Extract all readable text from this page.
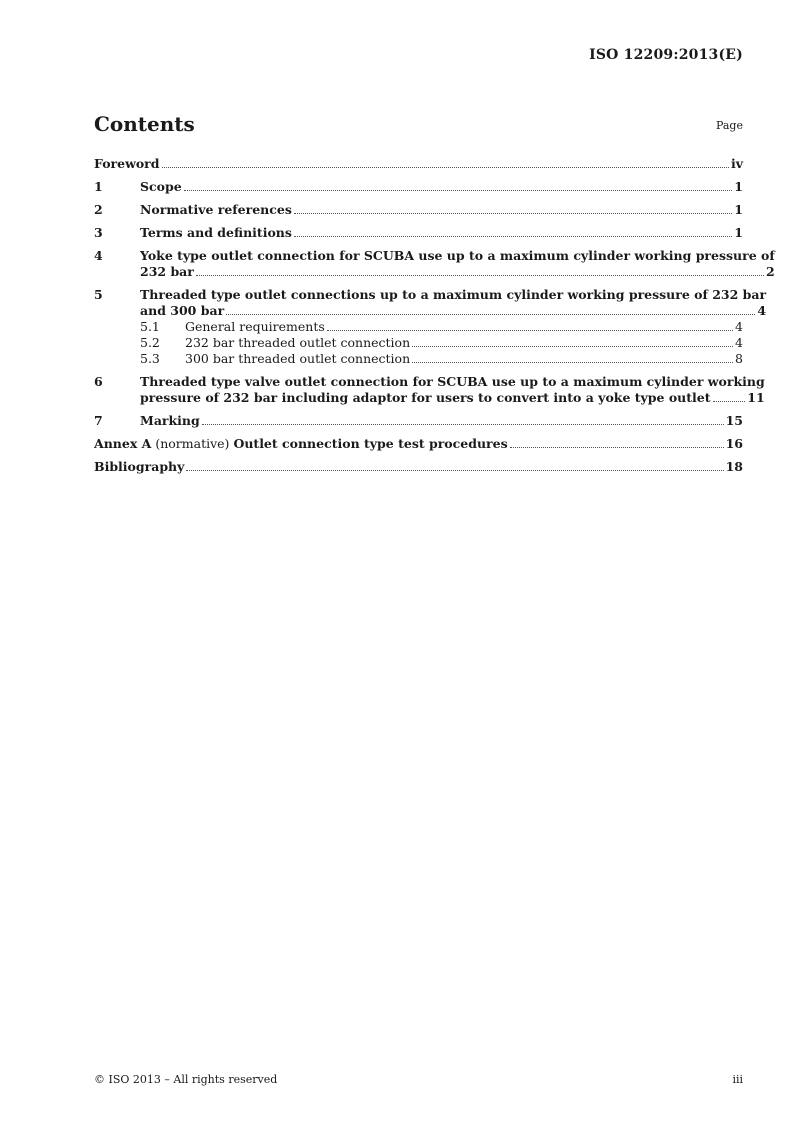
ISO 12209:2013(E)
Contents	Page
Foreword	iv
1	Scope	1
2	Normative references	1
3	Terms and definitions	1
4	Yoke type outlet connection for SCUBA use up to a maximum cylinder working pressure of
232 bar	2
5	Threaded type outlet connections up to a maximum cylinder working pressure of 232 bar
and 300 bar	4
5.1	General requirements	4
5.2	232 bar threaded outlet connection	4
5.3	300 bar threaded outlet connection	8
6	Threaded type valve outlet connection for SCUBA use up to a maximum cylinder working
pressure of 232 bar including adaptor for users to convert into a yoke type outlet	11
7	Marking	15
Annex A (normative) Outlet connection type test procedures	16
Bibliography	18
© ISO 2013 – All rights reserved	iii
